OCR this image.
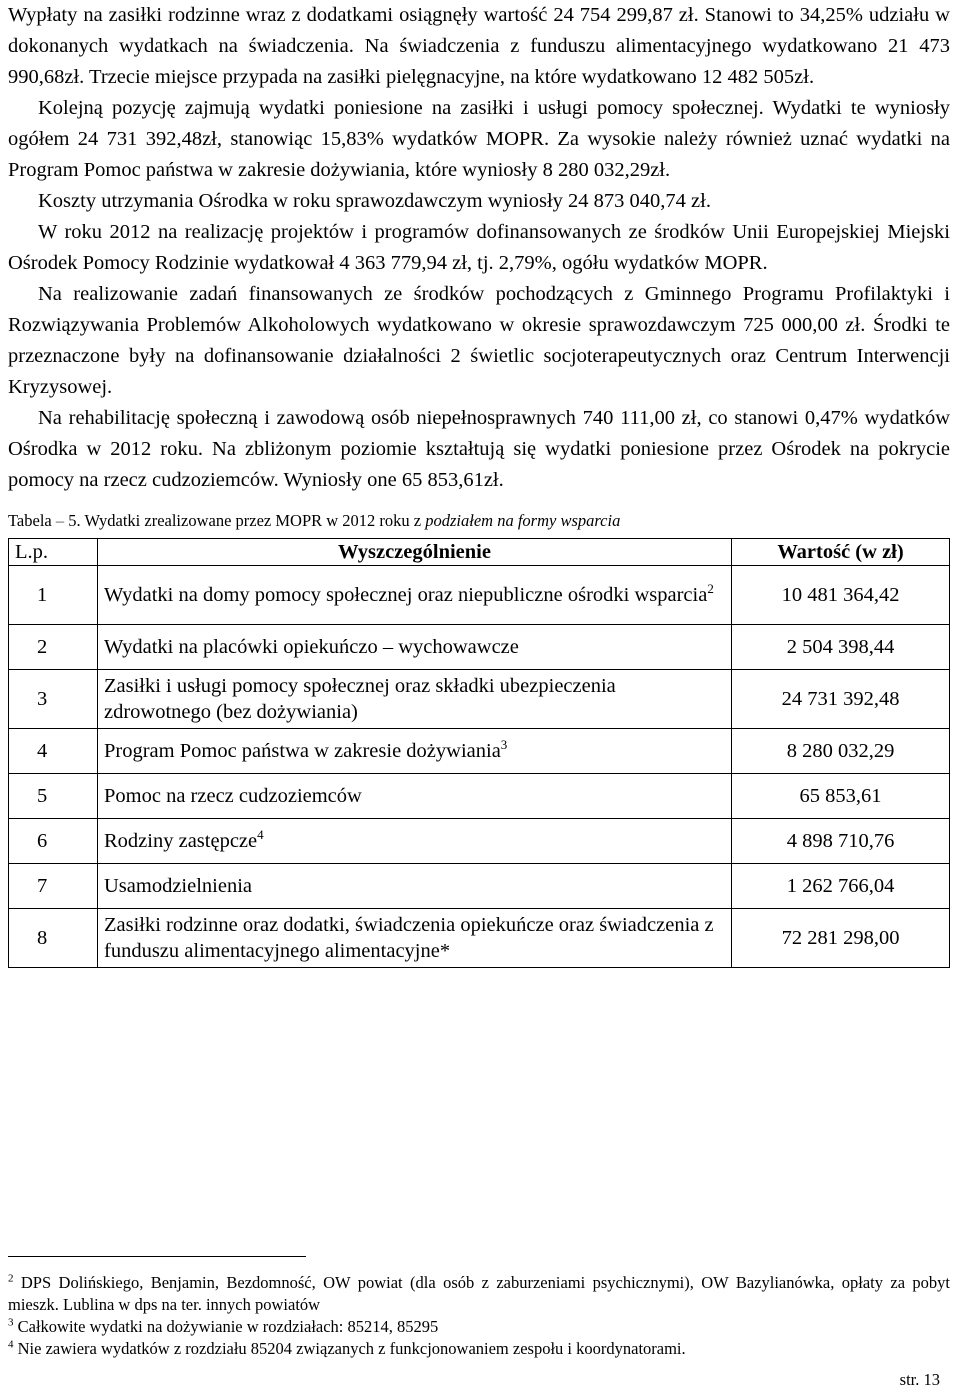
Wypłaty na zasiłki rodzinne wraz z dodatkami osiągnęły wartość 24 754 299,87 zł. Stanowi to 34,25% udziału w dokonanych wydatkach na świadczenia. Na świadczenia z funduszu alimentacyjnego wydatkowano 21 473 990,68zł. Trzecie miejsce przypada na zasiłki pielęgnacyjne, na które wydatkowano 12 482 505zł.

Kolejną pozycję zajmują wydatki poniesione na zasiłki i usługi pomocy społecznej. Wydatki te wyniosły ogółem 24 731 392,48zł, stanowiąc 15,83% wydatków MOPR. Za wysokie należy również uznać wydatki na Program Pomoc państwa w zakresie dożywiania, które wyniosły 8 280 032,29zł.

Koszty utrzymania Ośrodka w roku sprawozdawczym wyniosły 24 873 040,74 zł.

W roku 2012 na realizację projektów i programów dofinansowanych ze środków Unii Europejskiej Miejski Ośrodek Pomocy Rodzinie wydatkował 4 363 779,94 zł, tj. 2,79%, ogółu wydatków MOPR.

Na realizowanie zadań finansowanych ze środków pochodzących z Gminnego Programu Profilaktyki i Rozwiązywania Problemów Alkoholowych wydatkowano w okresie sprawozdawczym 725 000,00 zł. Środki te przeznaczone były na dofinansowanie działalności 2 świetlic socjoterapeutycznych oraz Centrum Interwencji Kryzysowej.

Na rehabilitację społeczną i zawodową osób niepełnosprawnych 740 111,00 zł, co stanowi 0,47% wydatków Ośrodka w 2012 roku. Na zbliżonym poziomie kształtują się wydatki poniesione przez Ośrodek na pokrycie pomocy na rzecz cudzoziemców. Wyniosły one 65 853,61zł.

Tabela – 5. Wydatki zrealizowane przez MOPR w 2012 roku z podziałem na formy wsparcia
L.p.	Wyszczególnienie	Wartość (w zł)
1	Wydatki na domy pomocy społecznej oraz niepubliczne ośrodki wsparcia$^2$	10 481 364,42
2	Wydatki na placówki opiekuńczo – wychowawcze	2 504 398,44
3	Zasiłki i usługi pomocy społecznej oraz składki ubezpieczenia zdrowotnego (bez dożywiania)	24 731 392,48
4	Program Pomoc państwa w zakresie dożywiania$^3$	8 280 032,29
5	Pomoc na rzecz cudzoziemców	65 853,61
6	Rodziny zastępcze$^4$	4 898 710,76
7	Usamodzielnienia	1 262 766,04
8	Zasiłki rodzinne oraz dodatki, świadczenia opiekuńcze oraz świadczenia z funduszu alimentacyjnego alimentacyjne*	72 281 298,00

$^2$ DPS Dolińskiego, Benjamin, Bezdomność, OW powiat (dla osób z zaburzeniami psychicznymi), OW Bazylianówka, opłaty za pobyt mieszk. Lublina w dps na ter. innych powiatów

$^3$ Całkowite wydatki na dożywianie w rozdziałach: 85214, 85295

$^4$ Nie zawiera wydatków z rozdziału 85204 związanych z funkcjonowaniem zespołu i koordynatorami.

str. 13
